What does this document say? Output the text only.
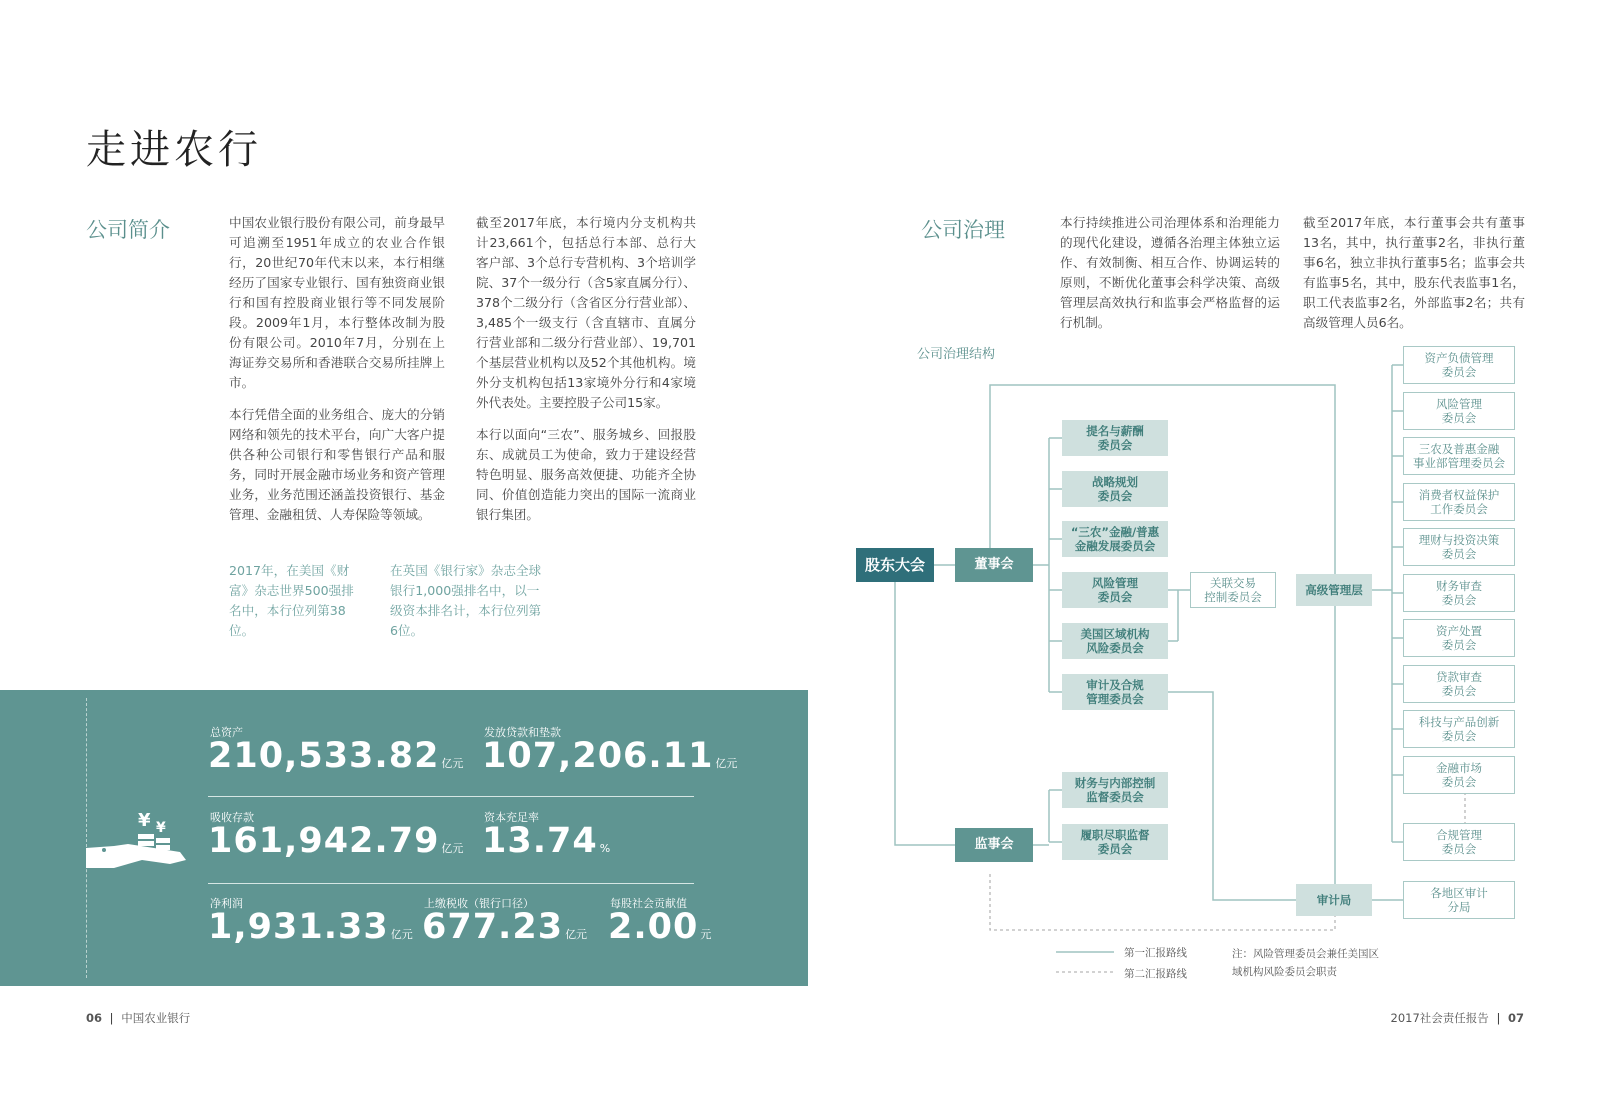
走进农行
公司简介	中国农业银行股份有限公司，前身最早可追溯至1951年成立的农业合作银行，20世纪70年代末以来，本行相继经历了国家专业银行、国有独资商业银行和国有控股商业银行等不同发展阶段。2009年1月，本行整体改制为股份有限公司。2010年7月，分别在上海证券交易所和香港联合交易所挂牌上市。

本行凭借全面的业务组合、庞大的分销网络和领先的技术平台，向广大客户提供各种公司银行和零售银行产品和服务，同时开展金融市场业务和资产管理业务，业务范围还涵盖投资银行、基金管理、金融租赁、人寿保险等领域。

截至2017年底，本行境内分支机构共计23,661个，包括总行本部、总行大客户部、3个总行专营机构、3个培训学院、37个一级分行（含5家直属分行）、378个二级分行（含省区分行营业部）、3,485个一级支行（含直辖市、直属分行营业部和二级分行营业部）、19,701个基层营业机构以及52个其他机构。境外分支机构包括13家境外分行和4家境外代表处。主要控股子公司15家。

本行以面向“三农”、服务城乡、回报股东、成就员工为使命，致力于建设经营特色明显、服务高效便捷、功能齐全协同、价值创造能力突出的国际一流商业银行集团。

2017年，在美国《财富》杂志世界500强排名中，本行位列第38位。

在英国《银行家》杂志全球银行1,000强排名中，以一级资本排名计，本行位列第6位。

¥ ¥
总资产
210,533.82 亿元
发放贷款和垫款
107,206.11 亿元
吸收存款
161,942.79 亿元
资本充足率
13.74 %
净利润
1,931.33 亿元
上缴税收（银行口径）
677.23 亿元
每股社会贡献值
2.00 元
06 | 中国农业银行
公司治理	本行持续推进公司治理体系和治理能力的现代化建设，遵循各治理主体独立运作、有效制衡、相互合作、协调运转的原则，不断优化董事会科学决策、高级管理层高效执行和监事会严格监督的运行机制。

截至2017年底，本行董事会共有董事13名，其中，执行董事2名，非执行董事6名，独立非执行董事5名；监事会共有监事5名，其中，股东代表监事1名，职工代表监事2名，外部监事2名；共有高级管理人员6名。

公司治理结构
股东大会	董事会
监事会
提名与薪酬
委员会
战略规划
委员会
“三农”金融/普惠
金融发展委员会
风险管理
委员会
美国区域机构
风险委员会
审计及合规
管理委员会
关联交易
控制委员会
财务与内部控制
监督委员会
履职尽职监督
委员会
高级管理层
审计局
资产负债管理
委员会
风险管理
委员会
三农及普惠金融
事业部管理委员会
消费者权益保护
工作委员会
理财与投资决策
委员会
财务审查
委员会
资产处置
委员会
贷款审查
委员会
科技与产品创新
委员会
金融市场
委员会
合规管理
委员会
各地区审计
分局
第一汇报路线
第二汇报路线
注：风险管理委员会兼任美国区域机构风险委员会职责
2017社会责任报告 | 07
